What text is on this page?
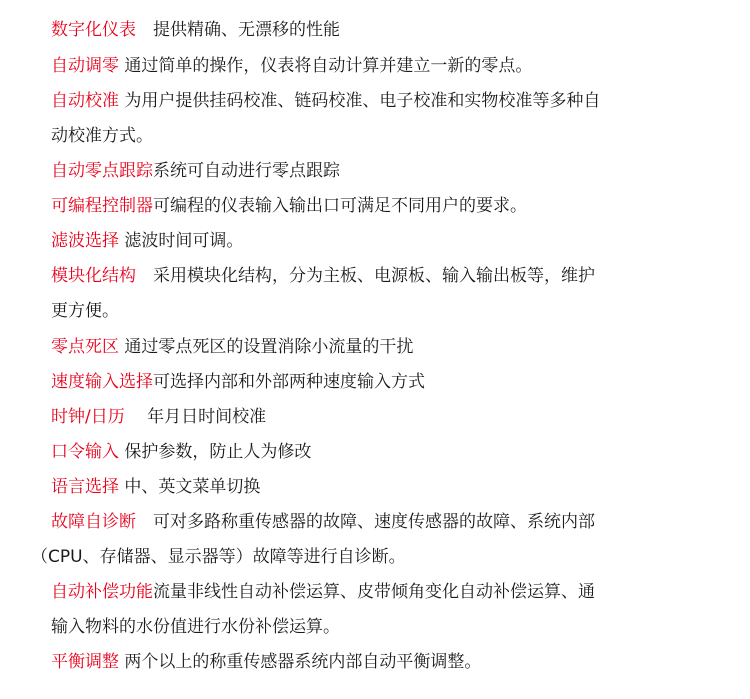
数字化仪表　提供精确、无漂移的性能
自动调零 通过简单的操作，仪表将自动计算并建立一新的零点。
自动校准 为用户提供挂码校准、链码校准、电子校准和实物校准等多种自
动校准方式。
自动零点跟踪系统可自动进行零点跟踪
可编程控制器可编程的仪表输入输出口可满足不同用户的要求。
滤波选择 滤波时间可调。
模块化结构　采用模块化结构，分为主板、电源板、输入输出板等，维护
更方便。
零点死区 通过零点死区的设置消除小流量的干扰
速度输入选择可选择内部和外部两种速度输入方式
时钟/日历　 年月日时间校准
口令输入 保护参数，防止人为修改
语言选择 中、英文菜单切换
故障自诊断　可对多路称重传感器的故障、速度传感器的故障、系统内部
（CPU、存储器、显示器等）故障等进行自诊断。
自动补偿功能流量非线性自动补偿运算、皮带倾角变化自动补偿运算、通
输入物料的水份值进行水份补偿运算。
平衡调整 两个以上的称重传感器系统内部自动平衡调整。
